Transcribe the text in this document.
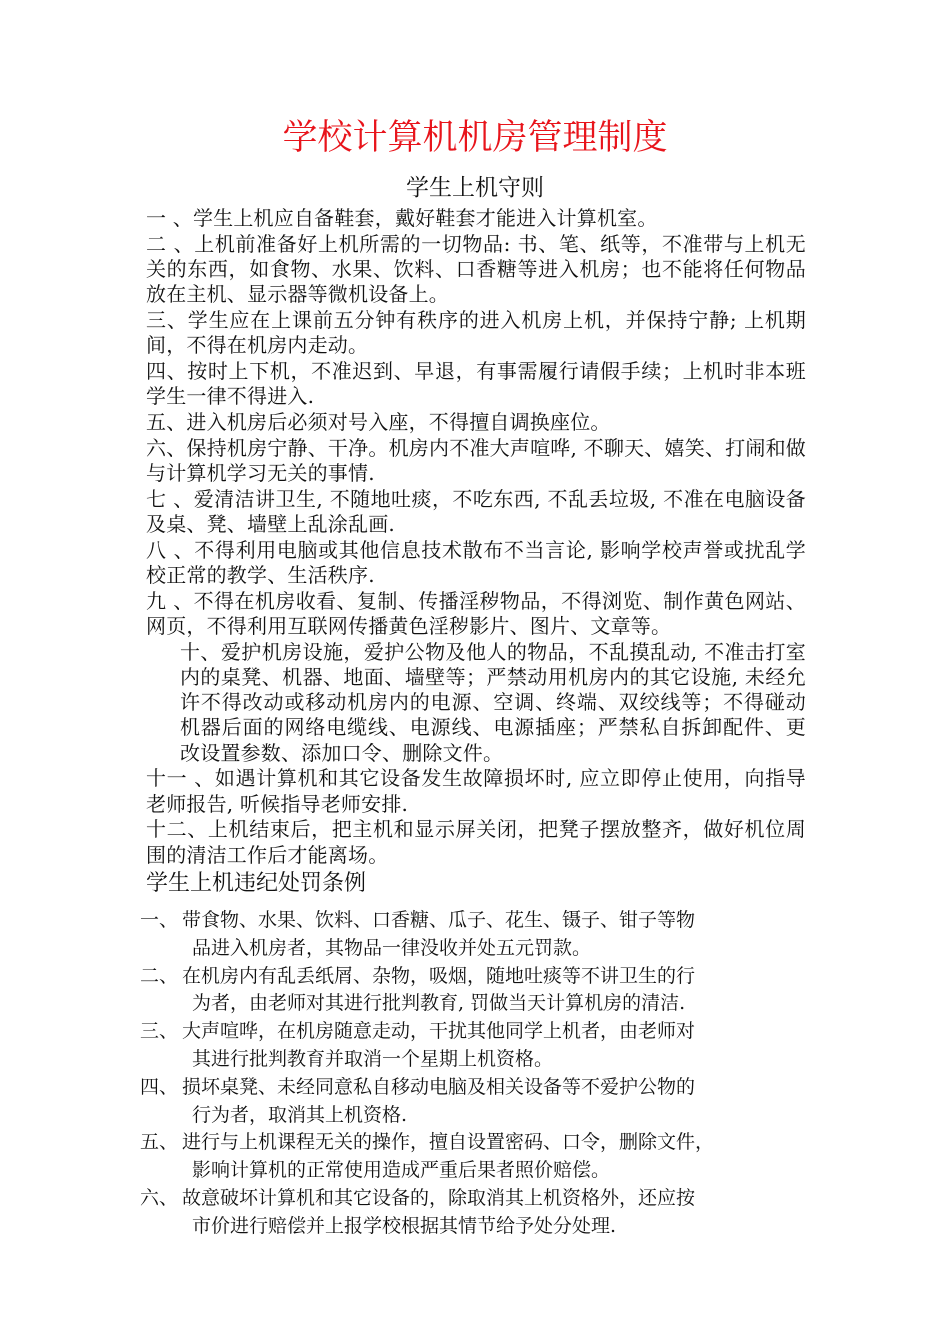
学校计算机机房管理制度
学生上机守则
一 、学生上机应自备鞋套，戴好鞋套才能进入计算机室。
二 、上机前准备好上机所需的一切物品: 书、笔、纸等，不准带与上机无关的东西，如食物、水果、饮料、口香糖等进入机房；也不能将任何物品放在主机、显示器等微机设备上。
三、学生应在上课前五分钟有秩序的进入机房上机，并保持宁静; 上机期间，不得在机房内走动。
四、按时上下机，不准迟到、早退，有事需履行请假手续；上机时非本班学生一律不得进入.
五、进入机房后必须对号入座，不得擅自调换座位。
六、保持机房宁静、干净。机房内不准大声喧哗, 不聊天、嬉笑、打闹和做与计算机学习无关的事情.
七 、爱清洁讲卫生, 不随地吐痰，不吃东西, 不乱丢垃圾, 不准在电脑设备及桌、凳、墙壁上乱涂乱画.
八 、不得利用电脑或其他信息技术散布不当言论, 影响学校声誉或扰乱学校正常的教学、生活秩序.
九 、不得在机房收看、复制、传播淫秽物品，不得浏览、制作黄色网站、网页，不得利用互联网传播黄色淫秽影片、图片、文章等。
十、爱护机房设施，爱护公物及他人的物品，不乱摸乱动, 不准击打室内的桌凳、机器、地面、墙壁等；严禁动用机房内的其它设施, 未经允许不得改动或移动机房内的电源、空调、终端、双绞线等；不得碰动机器后面的网络电缆线、电源线、电源插座；严禁私自拆卸配件、更改设置参数、添加口令、删除文件。
十一 、如遇计算机和其它设备发生故障损坏时, 应立即停止使用，向指导老师报告, 听候指导老师安排.
十二、上机结束后，把主机和显示屏关闭，把凳子摆放整齐，做好机位周围的清洁工作后才能离场。
学生上机违纪处罚条例
一、 带食物、水果、饮料、口香糖、瓜子、花生、镊子、钳子等物
品进入机房者，其物品一律没收并处五元罚款。
二、 在机房内有乱丢纸屑、杂物，吸烟，随地吐痰等不讲卫生的行
为者，由老师对其进行批判教育, 罚做当天计算机房的清洁.
三、 大声喧哗，在机房随意走动，干扰其他同学上机者，由老师对
其进行批判教育并取消一个星期上机资格。
四、 损坏桌凳、未经同意私自移动电脑及相关设备等不爱护公物的
行为者，取消其上机资格.
五、 进行与上机课程无关的操作，擅自设置密码、口令，删除文件，
影响计算机的正常使用造成严重后果者照价赔偿。
六、 故意破坏计算机和其它设备的，除取消其上机资格外，还应按
市价进行赔偿并上报学校根据其情节给予处分处理.
